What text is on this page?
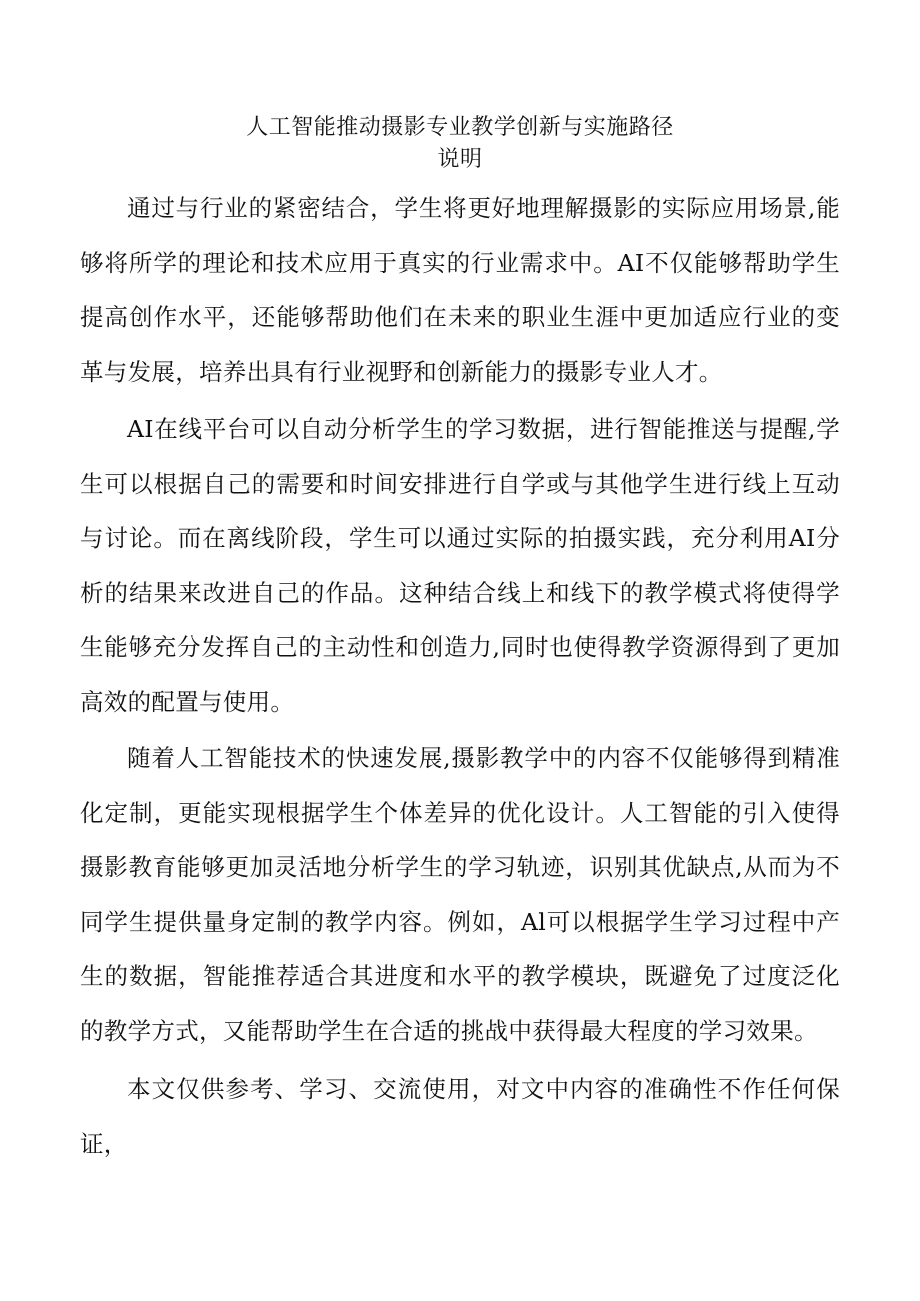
人工智能推动摄影专业教学创新与实施路径
说明

通过与行业的紧密结合，学生将更好地理解摄影的实际应用场景,能够将所学的理论和技术应用于真实的行业需求中。AI不仅能够帮助学生提高创作水平，还能够帮助他们在未来的职业生涯中更加适应行业的变革与发展，培养出具有行业视野和创新能力的摄影专业人才。

AI在线平台可以自动分析学生的学习数据，进行智能推送与提醒,学生可以根据自己的需要和时间安排进行自学或与其他学生进行线上互动与讨论。而在离线阶段，学生可以通过实际的拍摄实践，充分利用AI分析的结果来改进自己的作品。这种结合线上和线下的教学模式将使得学生能够充分发挥自己的主动性和创造力,同时也使得教学资源得到了更加高效的配置与使用。

随着人工智能技术的快速发展,摄影教学中的内容不仅能够得到精准化定制，更能实现根据学生个体差异的优化设计。人工智能的引入使得摄影教育能够更加灵活地分析学生的学习轨迹，识别其优缺点,从而为不同学生提供量身定制的教学内容。例如，Al可以根据学生学习过程中产生的数据，智能推荐适合其进度和水平的教学模块，既避免了过度泛化的教学方式，又能帮助学生在合适的挑战中获得最大程度的学习效果。

本文仅供参考、学习、交流使用，对文中内容的准确性不作任何保证，
